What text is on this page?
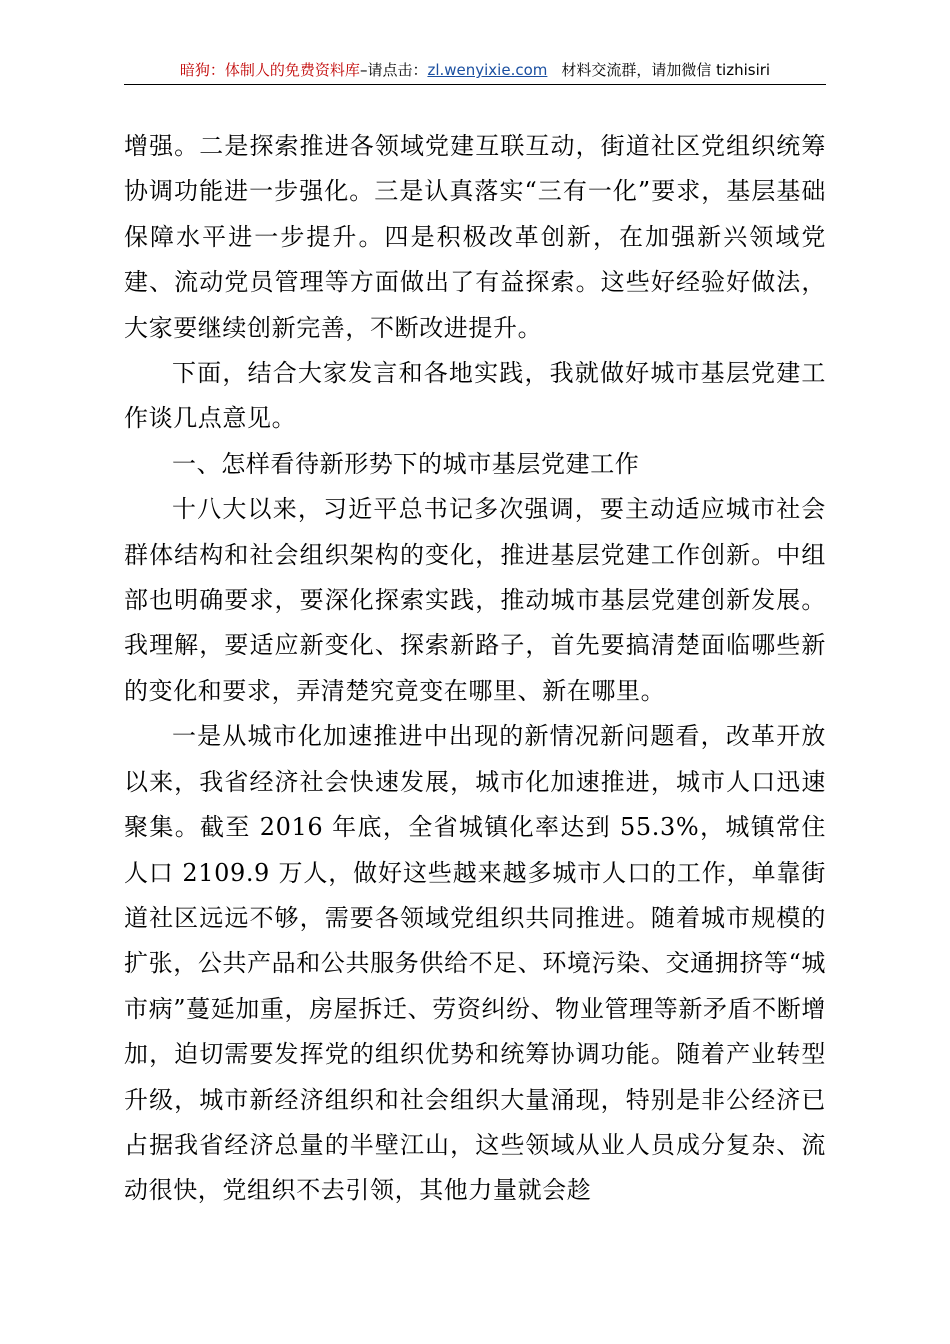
暗狗：体制人的免费资料库 –请点击： zl.wenyixie.com 材料交流群，请加微信 tizhisiri

增强。二是探索推进各领域党建互联互动，街道社区党组织统筹协调功能进一步强化。三是认真落实“三有一化”要求，基层基础保障水平进一步提升。四是积极改革创新，在加强新兴领域党建、流动党员管理等方面做出了有益探索。这些好经验好做法，大家要继续创新完善，不断改进提升。

下面，结合大家发言和各地实践，我就做好城市基层党建工作谈几点意见。

一、怎样看待新形势下的城市基层党建工作

十八大以来，习近平总书记多次强调，要主动适应城市社会群体结构和社会组织架构的变化，推进基层党建工作创新。中组部也明确要求，要深化探索实践，推动城市基层党建创新发展。我理解，要适应新变化、探索新路子，首先要搞清楚面临哪些新的变化和要求，弄清楚究竟变在哪里、新在哪里。

一是从城市化加速推进中出现的新情况新问题看，改革开放以来，我省经济社会快速发展，城市化加速推进，城市人口迅速聚集。截至 2016 年底，全省城镇化率达到 55.3%，城镇常住人口 2109.9 万人，做好这些越来越多城市人口的工作，单靠街道社区远远不够，需要各领域党组织共同推进。随着城市规模的扩张，公共产品和公共服务供给不足、环境污染、交通拥挤等“城市病”蔓延加重，房屋拆迁、劳资纠纷、物业管理等新矛盾不断增加，迫切需要发挥党的组织优势和统筹协调功能。随着产业转型升级，城市新经济组织和社会组织大量涌现，特别是非公经济已占据我省经济总量的半壁江山，这些领域从业人员成分复杂、流动很快，党组织不去引领，其他力量就会趁
